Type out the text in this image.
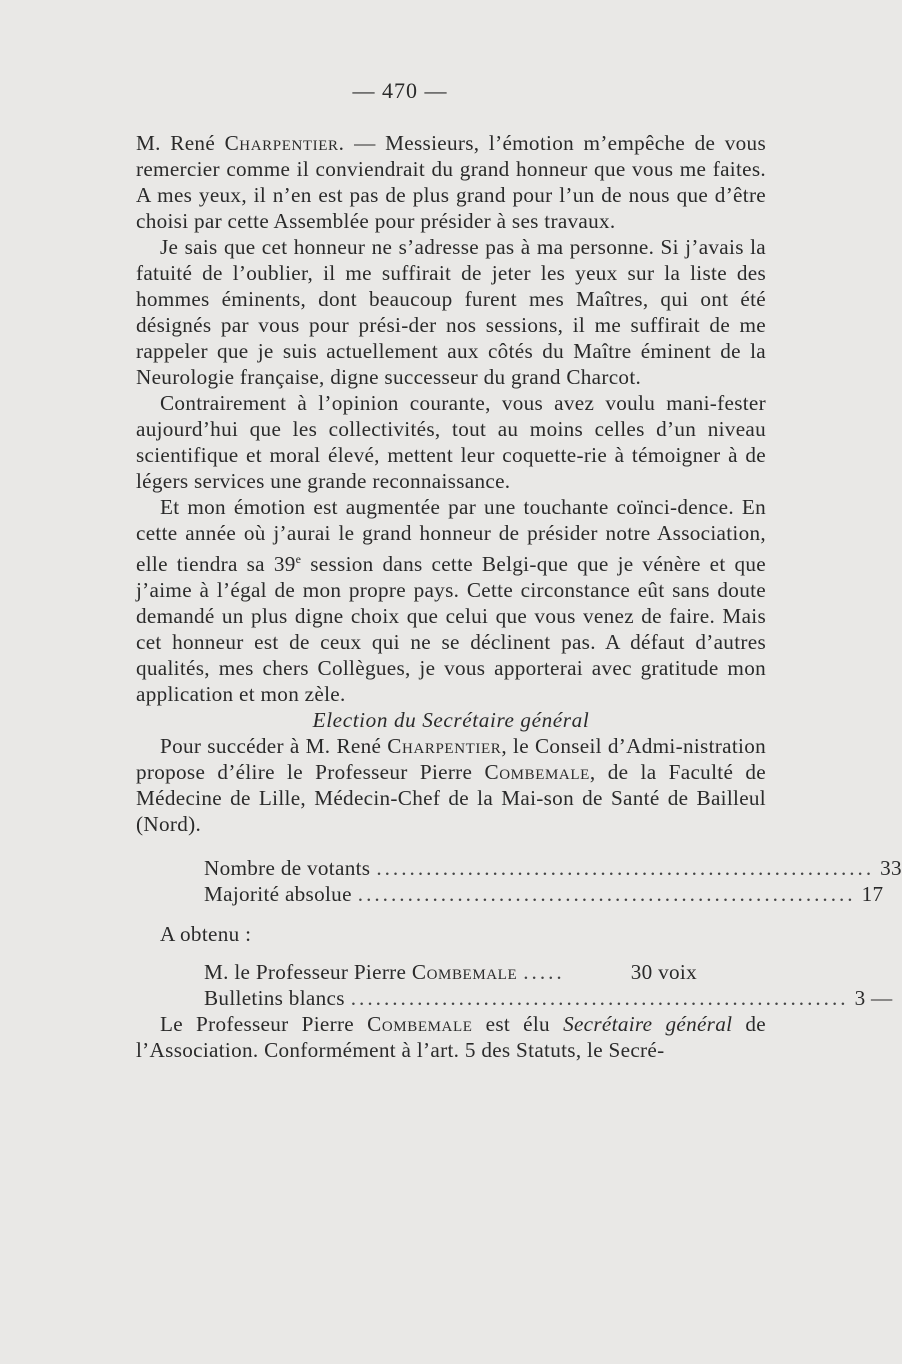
— 470 —

M. René Charpentier. — Messieurs, l’émotion m’empêche de vous remercier comme il conviendrait du grand honneur que vous me faites. A mes yeux, il n’en est pas de plus grand pour l’un de nous que d’être choisi par cette Assemblée pour présider à ses travaux.

Je sais que cet honneur ne s’adresse pas à ma personne. Si j’avais la fatuité de l’oublier, il me suffirait de jeter les yeux sur la liste des hommes éminents, dont beaucoup furent mes Maîtres, qui ont été désignés par vous pour prési-der nos sessions, il me suffirait de me rappeler que je suis actuellement aux côtés du Maître éminent de la Neurologie française, digne successeur du grand Charcot.

Contrairement à l’opinion courante, vous avez voulu mani-fester aujourd’hui que les collectivités, tout au moins celles d’un niveau scientifique et moral élevé, mettent leur coquette-rie à témoigner à de légers services une grande reconnaissance.

Et mon émotion est augmentée par une touchante coïnci-dence. En cette année où j’aurai le grand honneur de présider notre Association, elle tiendra sa 39e session dans cette Belgi-que que je vénère et que j’aime à l’égal de mon propre pays. Cette circonstance eût sans doute demandé un plus digne choix que celui que vous venez de faire. Mais cet honneur est de ceux qui ne se déclinent pas. A défaut d’autres qualités, mes chers Collègues, je vous apporterai avec gratitude mon application et mon zèle.

Election du Secrétaire général

Pour succéder à M. René Charpentier, le Conseil d’Admi-nistration propose d’élire le Professeur Pierre Combemale, de la Faculté de Médecine de Lille, Médecin-Chef de la Mai-son de Santé de Bailleul (Nord).

Nombre de votants ............................................................ 33
Majorité absolue ............................................................ 17
A obtenu :
M. le Professeur Pierre Combemale .....	30 voix
Bulletins blancs ............................................................ 3 —

Le Professeur Pierre Combemale est élu Secrétaire général de l’Association. Conformément à l’art. 5 des Statuts, le Secré-
